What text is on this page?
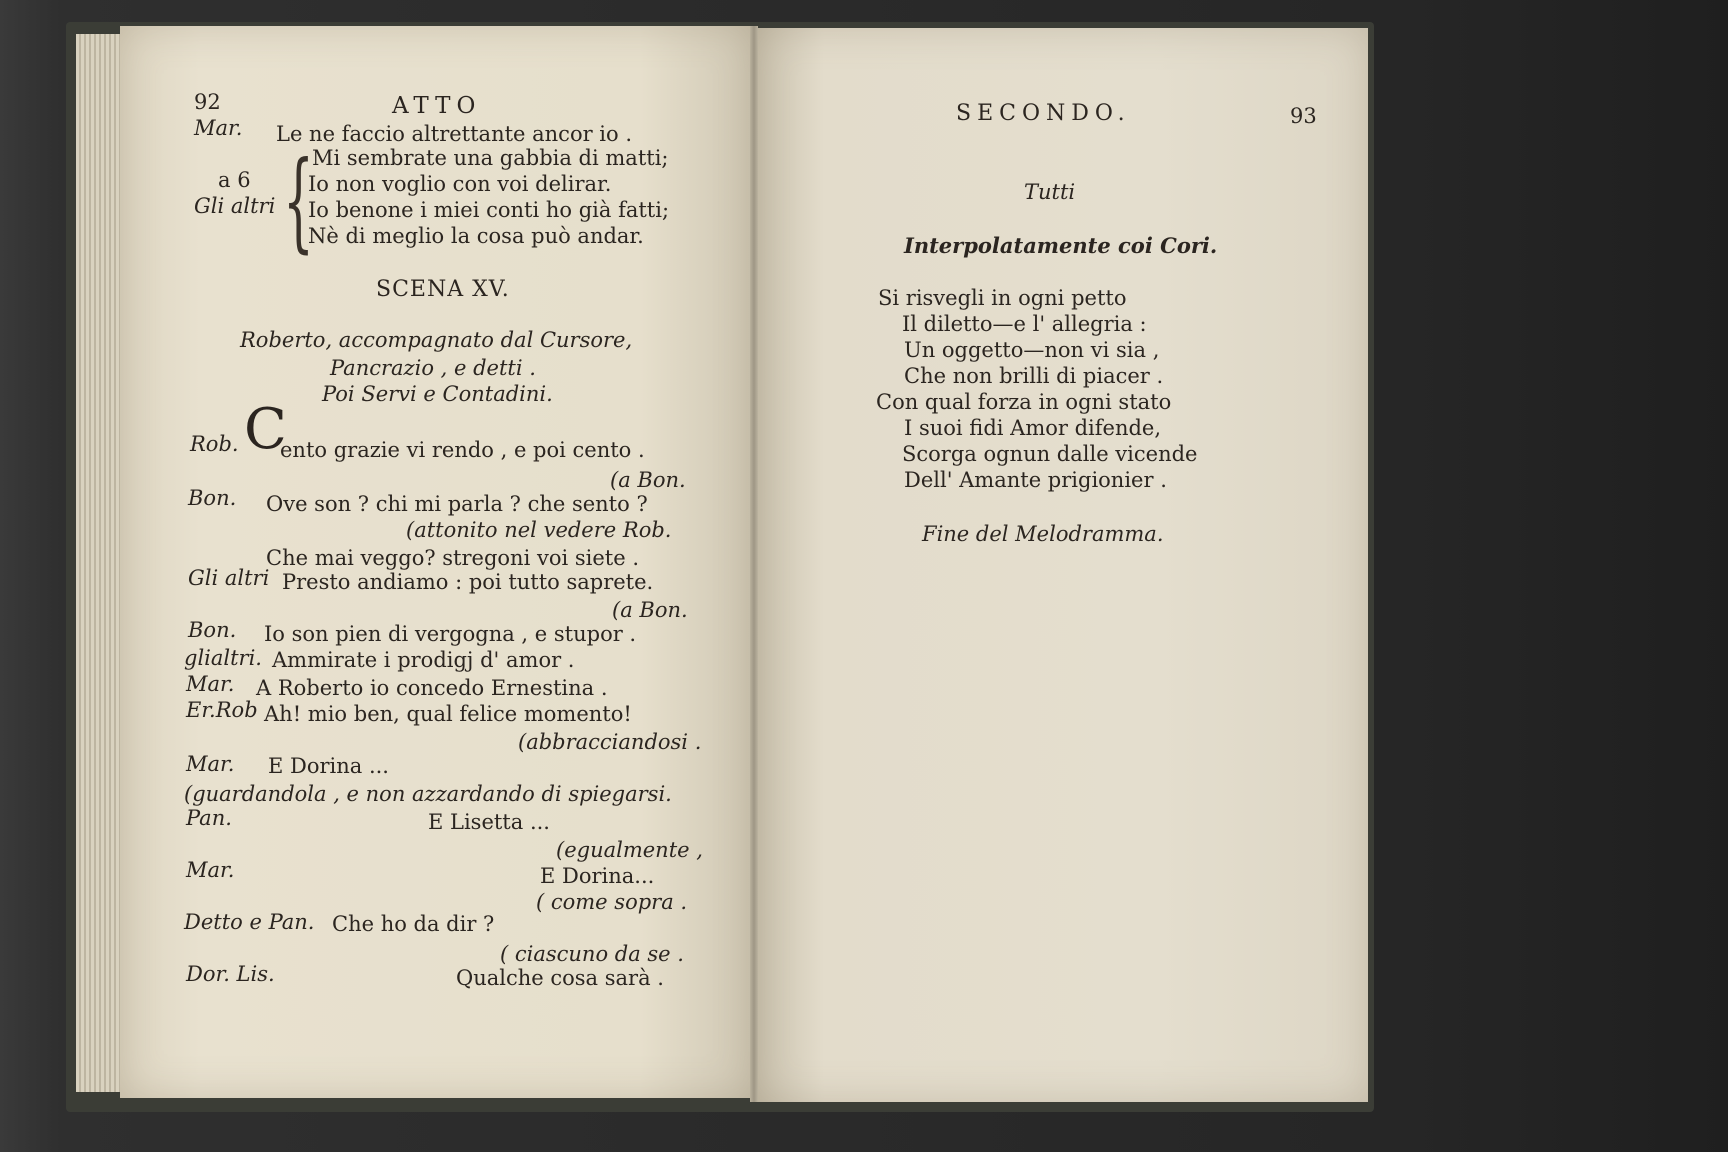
92	ATTO
Mar. Le ne faccio altrettante ancor io .
a 6
Gli altri {
Mi sembrate una gabbia di matti;
Io non voglio con voi delirar.
Io benone i miei conti ho già fatti;
Nè di meglio la cosa può andar.
SCENA XV.
Roberto, accompagnato dal Cursore,
Pancrazio , e detti .
Poi Servi e Contadini.
Rob. C
ento grazie vi rendo , e poi cento .
(a Bon.
Bon. Ove son ? chi mi parla ? che sento ?
(attonito nel vedere Rob.
Che mai veggo? stregoni voi siete .
Gli altri Presto andiamo : poi tutto saprete.
(a Bon.
Bon. Io son pien di vergogna , e stupor .
glialtri. Ammirate i prodigj d' amor .
Mar. A Roberto io concedo Ernestina .
Er.Rob Ah! mio ben, qual felice momento!
(abbracciandosi .
Mar. E Dorina ...
(guardandola , e non azzardando di spiegarsi.
Pan.	E Lisetta ...
(egualmente ,
Mar.	E Dorina...
( come sopra .
Detto e Pan. Che ho da dir ?
( ciascuno da se .
Dor. Lis.	Qualche cosa sarà .
SECONDO.	93
Tutti
Interpolatamente coi Cori.
Si risvegli in ogni petto
Il diletto—e l' allegria :
Un oggetto—non vi sia ,
Che non brilli di piacer .
Con qual forza in ogni stato
I suoi fidi Amor difende,
Scorga ognun dalle vicende
Dell' Amante prigionier .
Fine del Melodramma.
